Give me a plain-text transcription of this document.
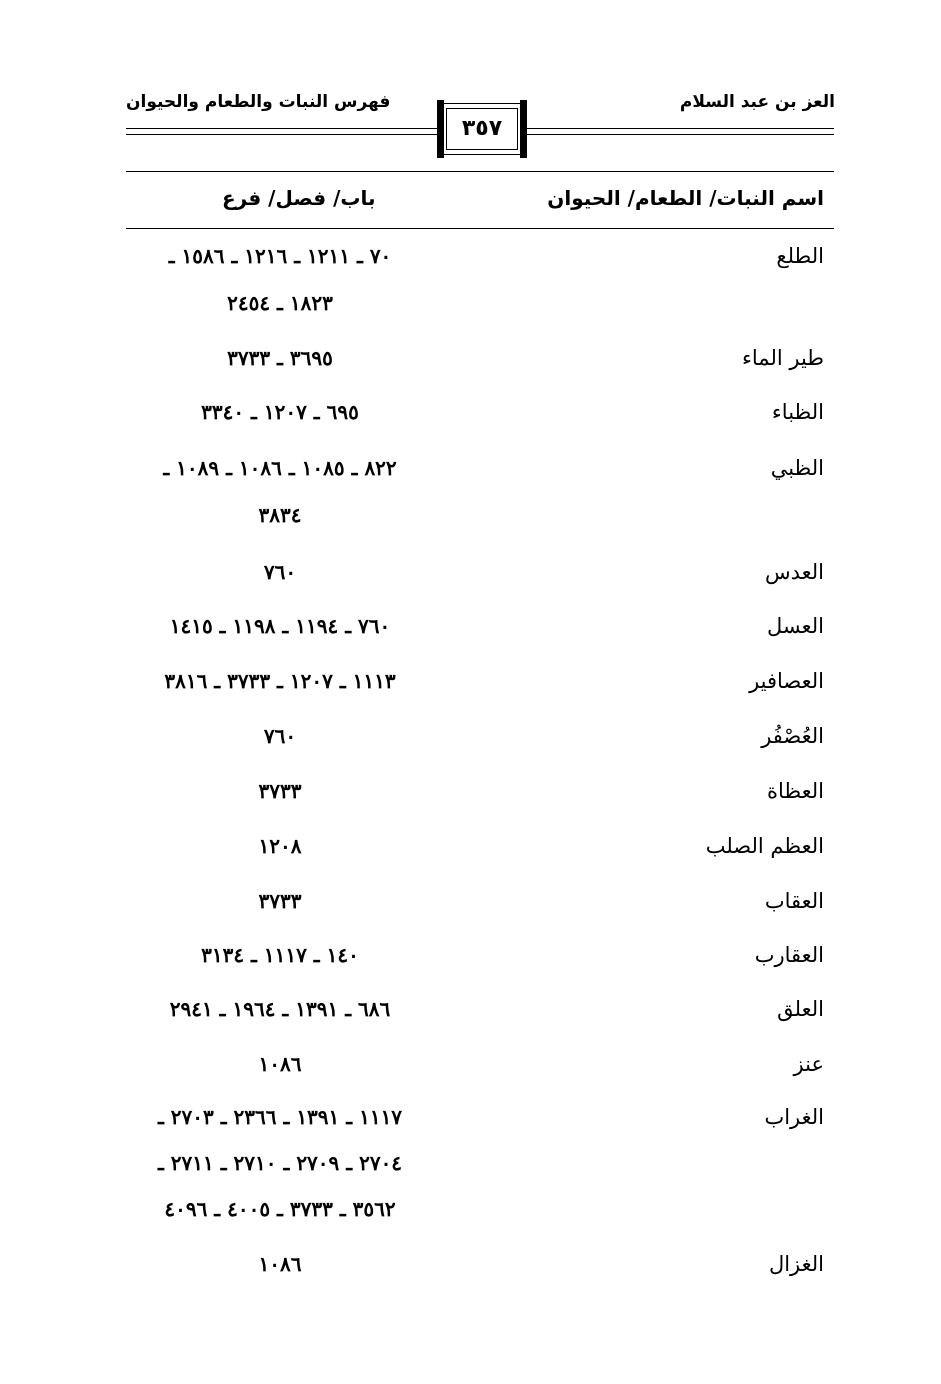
العز بن عبد السلام
فهرس النبات والطعام والحيوان
٣٥٧
اسم النبات/ الطعام/ الحيوان
باب/ فصل/ فرع
الطلع
٧٠ ـ ١٢١١ ـ ١٢١٦ ـ ١٥٨٦ ـ
١٨٢٣ ـ ٢٤٥٤
طير الماء
٣٦٩٥ ـ ٣٧٣٣
الظباء
٦٩٥ ـ ١٢٠٧ ـ ٣٣٤٠
الظبي
٨٢٢ ـ ١٠٨٥ ـ ١٠٨٦ ـ ١٠٨٩ ـ
٣٨٣٤
العدس
٧٦٠
العسل
٧٦٠ ـ ١١٩٤ ـ ١١٩٨ ـ ١٤١٥
العصافير
١١١٣ ـ ١٢٠٧ ـ ٣٧٣٣ ـ ٣٨١٦
العُصْفُر
٧٦٠
العظاة
٣٧٣٣
العظم الصلب
١٢٠٨
العقاب
٣٧٣٣
العقارب
١٤٠ ـ ١١١٧ ـ ٣١٣٤
العلق
٦٨٦ ـ ١٣٩١ ـ ١٩٦٤ ـ ٢٩٤١
عنز
١٠٨٦
الغراب
١١١٧ ـ ١٣٩١ ـ ٢٣٦٦ ـ ٢٧٠٣ ـ
٢٧٠٤ ـ ٢٧٠٩ ـ ٢٧١٠ ـ ٢٧١١ ـ
٣٥٦٢ ـ ٣٧٣٣ ـ ٤٠٠٥ ـ ٤٠٩٦
الغزال
١٠٨٦
